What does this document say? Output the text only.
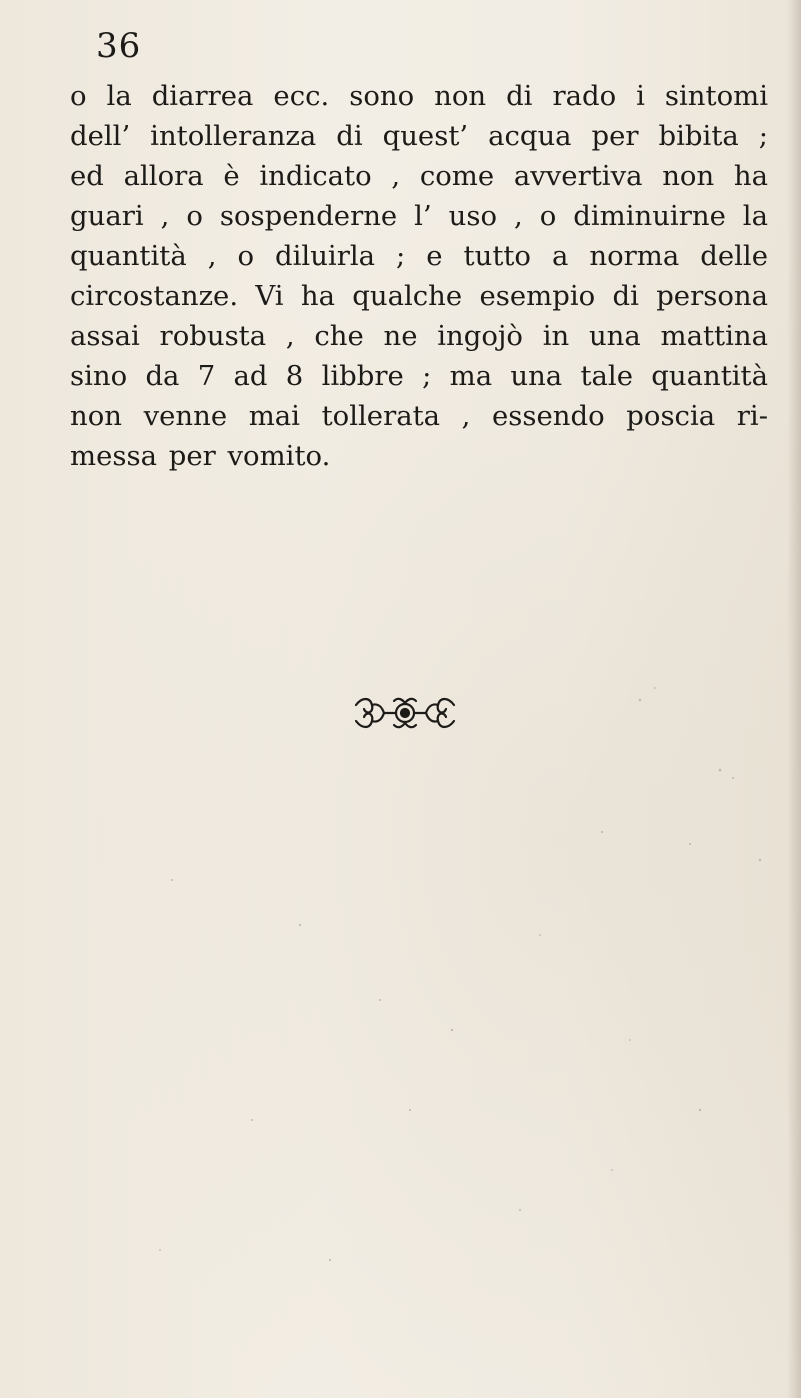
36
o la diarrea ecc. sono non di rado i sintomi
dell’ intolleranza di quest’ acqua per bibita ;
ed allora è indicato , come avvertiva non ha
guari , o sospenderne l’ uso , o diminuirne la
quantità , o diluirla ; e tutto a norma delle
circostanze. Vi ha qualche esempio di persona
assai robusta , che ne ingojò in una mattina
sino da 7 ad 8 libbre ; ma una tale quantità
non venne mai tollerata , essendo poscia ri-
messa per vomito.
